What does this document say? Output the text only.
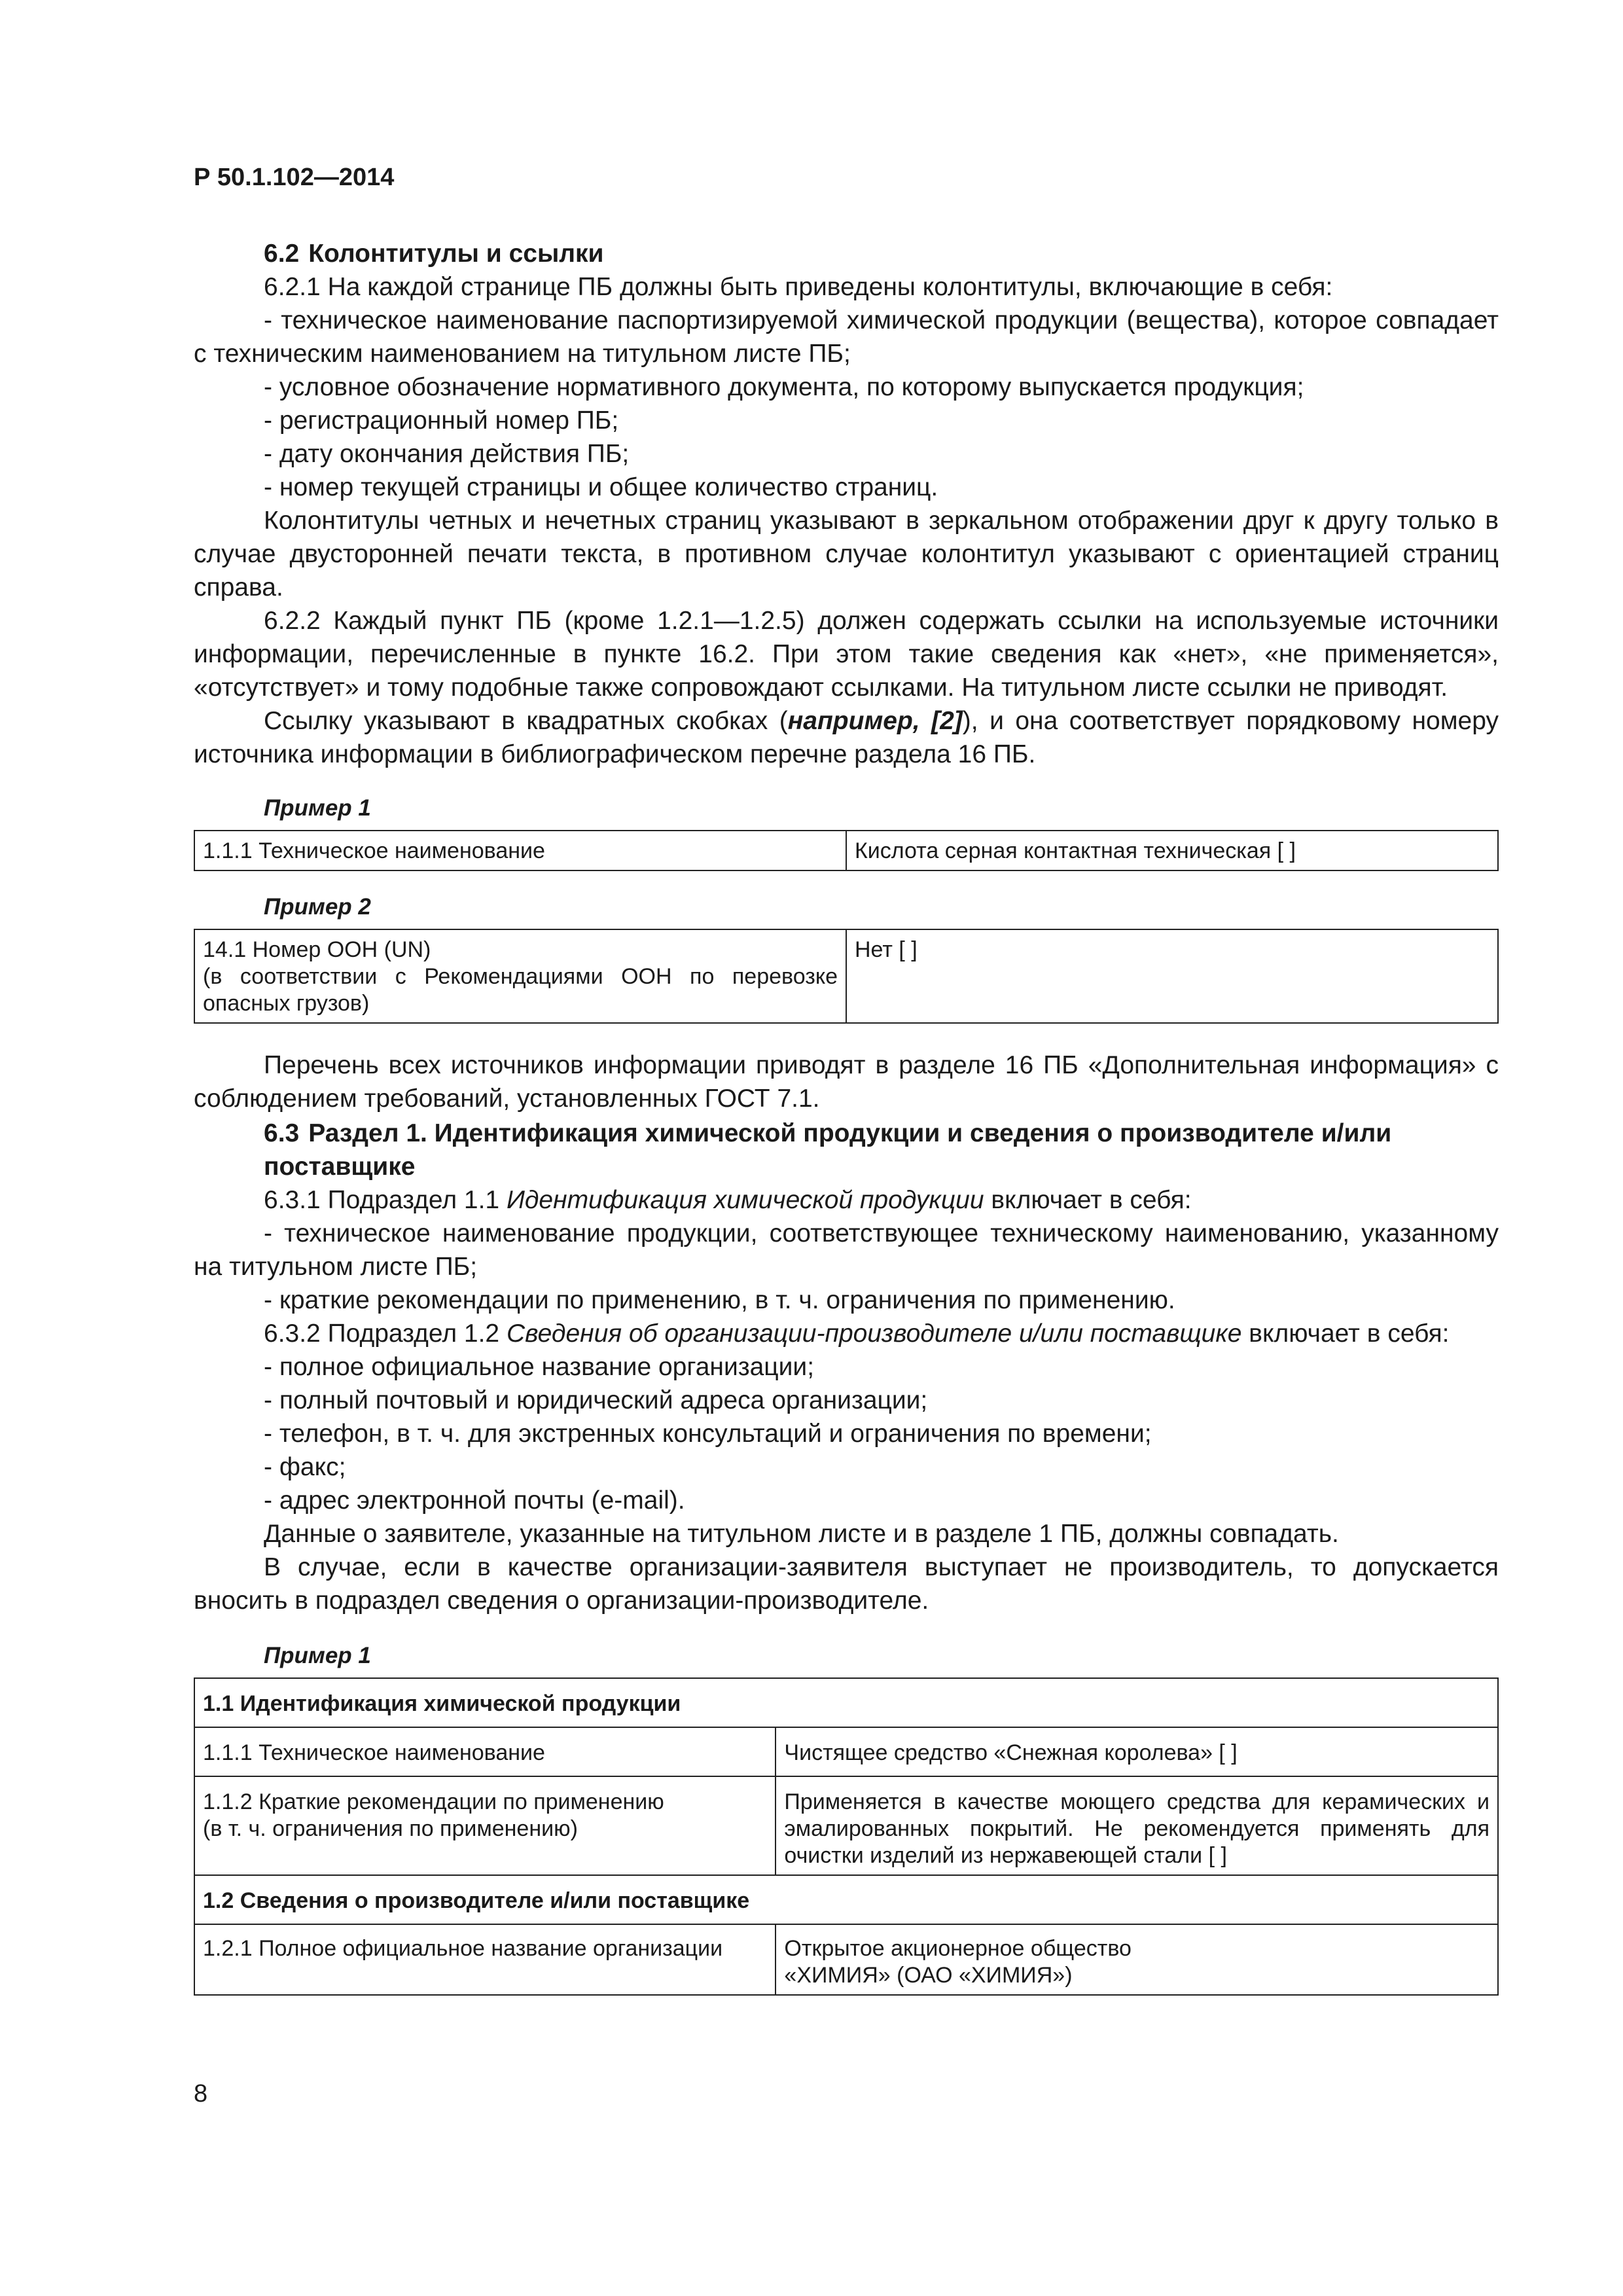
Р 50.1.102—2014
6.2 Колонтитулы и ссылки

6.2.1 На каждой странице ПБ должны быть приведены колонтитулы, включающие в себя:

- техническое наименование паспортизируемой химической продукции (вещества), которое совпадает с техническим наименованием на титульном листе ПБ;
- условное обозначение нормативного документа, по которому выпускается продукция;
- регистрационный номер ПБ;
- дату окончания действия ПБ;
- номер текущей страницы и общее количество страниц.

Колонтитулы четных и нечетных страниц указывают в зеркальном отображении друг к другу только в случае двусторонней печати текста, в противном случае колонтитул указывают с ориентацией страниц справа.

6.2.2 Каждый пункт ПБ (кроме 1.2.1—1.2.5) должен содержать ссылки на используемые источники информации, перечисленные в пункте 16.2. При этом такие сведения как «нет», «не применяется», «отсутствует» и тому подобные также сопровождают ссылками. На титульном листе ссылки не приводят.

Ссылку указывают в квадратных скобках (например, [2]), и она соответствует порядковому номеру источника информации в библиографическом перечне раздела 16 ПБ.

Пример 1
1.1.1 Техническое наименование	Кислота серная контактная техническая [ ]
Пример 2
14.1 Номер ООН (UN)
(в соответствии с Рекомендациями ООН по перевозке опасных грузов)	Нет [ ]

Перечень всех источников информации приводят в разделе 16 ПБ «Дополнительная информация» с соблюдением требований, установленных ГОСТ 7.1.

6.3 Раздел 1. Идентификация химической продукции и сведения о производителе и/или поставщике

6.3.1 Подраздел 1.1 Идентификация химической продукции включает в себя:

- техническое наименование продукции, соответствующее техническому наименованию, указанному на титульном листе ПБ;
- краткие рекомендации по применению, в т. ч. ограничения по применению.

6.3.2 Подраздел 1.2 Сведения об организации-производителе и/или поставщике включает в себя:

- полное официальное название организации;
- полный почтовый и юридический адреса организации;
- телефон, в т. ч. для экстренных консультаций и ограничения по времени;
- факс;
- адрес электронной почты (e-mail).

Данные о заявителе, указанные на титульном листе и в разделе 1 ПБ, должны совпадать.

В случае, если в качестве организации-заявителя выступает не производитель, то допускается вносить в подраздел сведения о организации-производителе.

Пример 1
1.1 Идентификация химической продукции	
1.1.1 Техническое наименование	Чистящее средство «Снежная королева» [ ]
1.1.2 Краткие рекомендации по применению
(в т. ч. ограничения по применению)	Применяется в качестве моющего средства для керамических и эмалированных покрытий. Не рекомендуется применять для очистки изделий из нержавеющей стали [ ]
1.2 Сведения о производителе и/или поставщике	
1.2.1 Полное официальное название организации	Открытое акционерное общество
«ХИМИЯ» (ОАО «ХИМИЯ»)
8
